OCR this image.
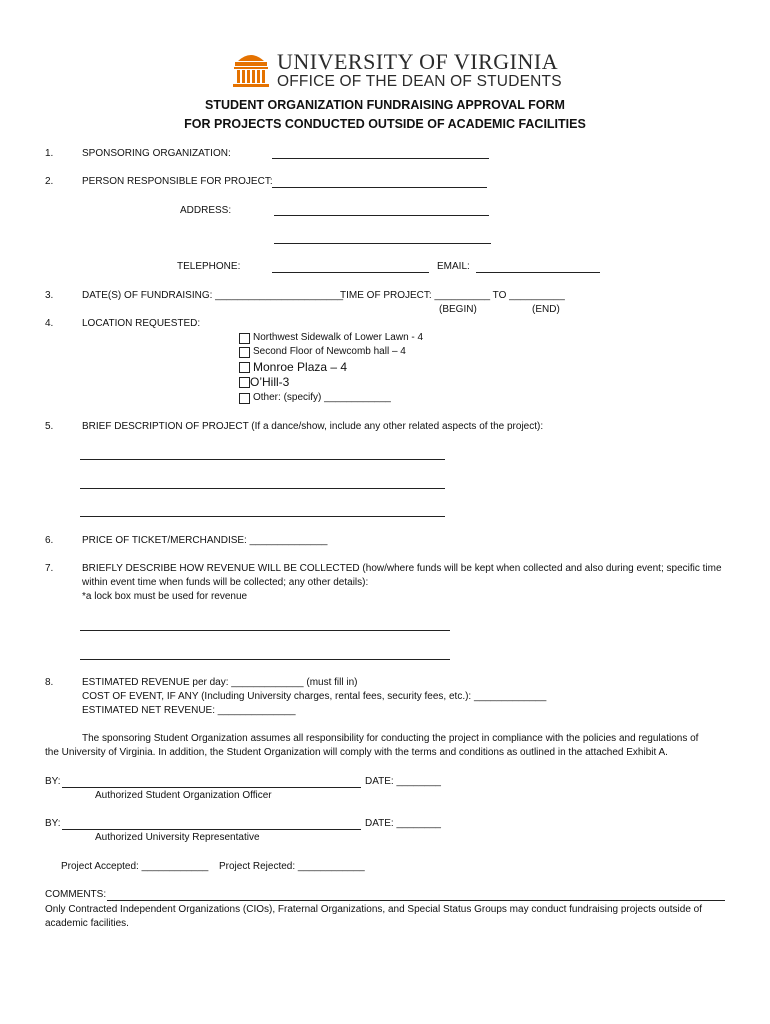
UNIVERSITY OF VIRGINIA
OFFICE OF THE DEAN OF STUDENTS
STUDENT ORGANIZATION FUNDRAISING APPROVAL FORM
FOR PROJECTS CONDUCTED OUTSIDE OF ACADEMIC FACILITIES
1.	SPONSORING ORGANIZATION:
2.	PERSON RESPONSIBLE FOR PROJECT:
ADDRESS:
TELEPHONE:	EMAIL:
3.	DATE(S) OF FUNDRAISING: _______________________
TIME OF PROJECT: __________ TO __________
(BEGIN)	(END)
4.	LOCATION REQUESTED:
Northwest Sidewalk of Lower Lawn - 4
Second Floor of Newcomb hall – 4
Monroe Plaza – 4
O’Hill-3
Other: (specify) ____________
5.	BRIEF DESCRIPTION OF PROJECT (If a dance/show, include any other related aspects of the project):
6.	PRICE OF TICKET/MERCHANDISE: ______________
7.	BRIEFLY DESCRIBE HOW REVENUE WILL BE COLLECTED (how/where funds will be kept when collected and also during event; specific time
within event time when funds will be collected; any other details):
*a lock box must be used for revenue
8.	ESTIMATED REVENUE per day: _____________ (must fill in)
COST OF EVENT, IF ANY (Including University charges, rental fees, security fees, etc.): _____________
ESTIMATED NET REVENUE: ______________
The sponsoring Student Organization assumes all responsibility for conducting the project in compliance with the policies and regulations of
the University of Virginia. In addition, the Student Organization will comply with the terms and conditions as outlined in the attached Exhibit A.
BY:	DATE: ________
Authorized Student Organization Officer
BY:	DATE: ________
Authorized University Representative
Project Accepted: ____________ Project Rejected: ____________
COMMENTS:
Only Contracted Independent Organizations (CIOs), Fraternal Organizations, and Special Status Groups may conduct fundraising projects outside of
academic facilities.
